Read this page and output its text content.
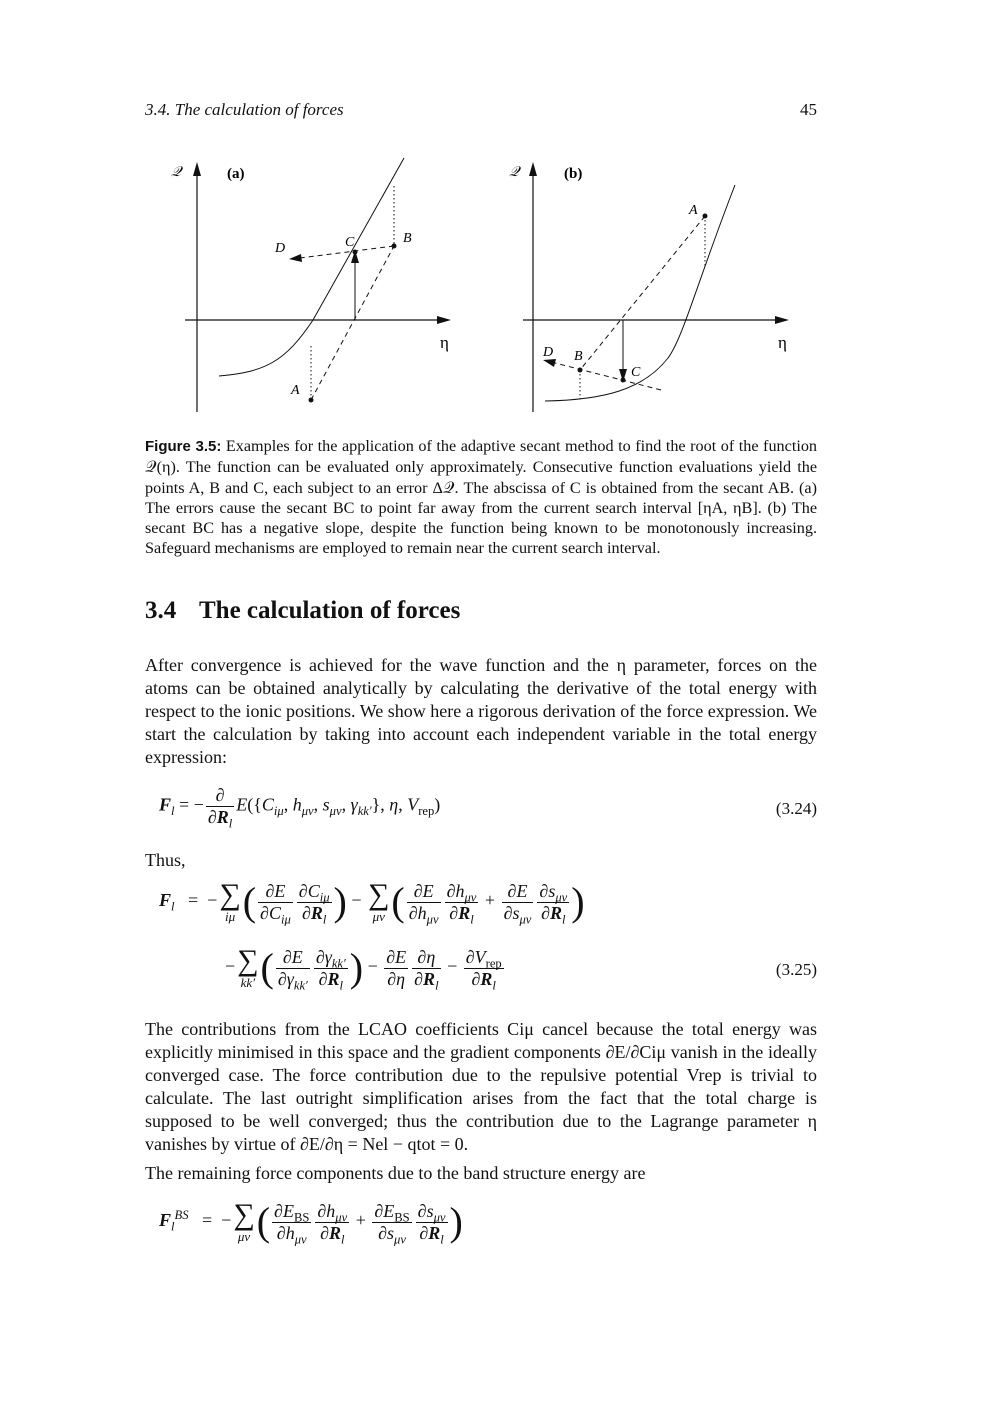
3.4. The calculation of forces	45
𝒬	(a)
η
A
B
C
D
𝒬	(b)
η
A
B
C
D
Figure 3.5: Examples for the application of the adaptive secant method to find the root of the function 𝒬(η). The function can be evaluated only approximately. Consecutive function evaluations yield the points A, B and C, each subject to an error Δ𝒬. The abscissa of C is obtained from the secant AB. (a) The errors cause the secant BC to point far away from the current search interval [ηA, ηB]. (b) The secant BC has a negative slope, despite the function being known to be monotonously increasing. Safeguard mechanisms are employed to remain near the current search interval.
3.4 The calculation of forces
After convergence is achieved for the wave function and the η parameter, forces on the atoms can be obtained analytically by calculating the derivative of the total energy with respect to the ionic positions. We show here a rigorous derivation of the force expression. We start the calculation by taking into account each independent variable in the total energy expression:
$F_l$ = − $\frac{\partial}{\partial R_l} E(\{C_{i\mu}$, $h_{\mu\nu}$, $s_{\mu\nu}$, $\gamma_{kk'}$}, η, $V_{rep}$)	(3.24)
Thus,
$F_l$   =  − ∑
iμ ( $\frac{\partial E}{\partial C_{i\mu}} \frac{\partial C_{i\mu}}{\partial R_l}$ ) − ∑
μν ( $\frac{\partial E}{\partial h_{\mu\nu}} \frac{\partial h_{\mu\nu}}{\partial R_l} + \frac{\partial E}{\partial s_{\mu\nu}} \frac{\partial s_{\mu\nu}}{\partial R_l}$ )
− ∑
kk′ ( $\frac{\partial E}{\partial\gamma_{kk'}} \frac{\partial\gamma_{kk'}}{\partial R_l}$ ) − $\frac{\partial E}{\partial\eta} \frac{\partial\eta}{\partial R_l} - \frac{\partial V_{rep}}{\partial R_l}$	(3.25)
The contributions from the LCAO coefficients Ciμ cancel because the total energy was explicitly minimised in this space and the gradient components ∂E/∂Ciμ vanish in the ideally converged case. The force contribution due to the repulsive potential Vrep is trivial to calculate. The last outright simplification arises from the fact that the total charge is supposed to be well converged; thus the contribution due to the Lagrange parameter η vanishes by virtue of ∂E/∂η = Nel − qtot = 0.
The remaining force components due to the band structure energy are
$F_l^{BS}$   =  − ∑
μν ( $\frac{\partial E_{BS}}{\partial h_{\mu\nu}} \frac{\partial h_{\mu\nu}}{\partial R_l} + \frac{\partial E_{BS}}{\partial s_{\mu\nu}} \frac{\partial s_{\mu\nu}}{\partial R_l}$ )
